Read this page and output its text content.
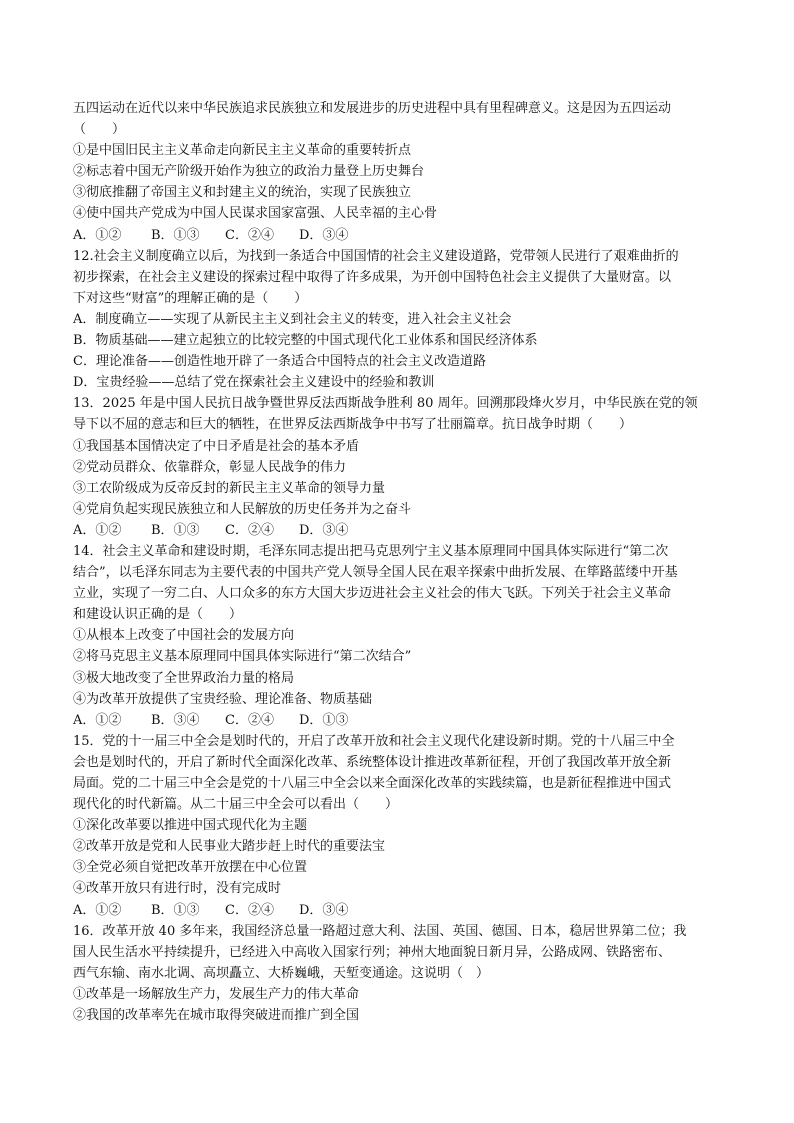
五四运动在近代以来中华民族追求民族独立和发展进步的历史进程中具有里程碑意义。这是因为五四运动
（　　）
①是中国旧民主主义革命走向新民主主义革命的重要转折点
②标志着中国无产阶级开始作为独立的政治力量登上历史舞台
③彻底推翻了帝国主义和封建主义的统治，实现了民族独立
④使中国共产党成为中国人民谋求国家富强、人民幸福的主心骨
A．①② B．①③ C．②④ D．③④
12.社会主义制度确立以后，为找到一条适合中国国情的社会主义建设道路，党带领人民进行了艰难曲折的
初步探索，在社会主义建设的探索过程中取得了许多成果，为开创中国特色社会主义提供了大量财富。以
下对这些“财富”的理解正确的是（　　）
A．制度确立——实现了从新民主主义到社会主义的转变，进入社会主义社会
B．物质基础——建立起独立的比较完整的中国式现代化工业体系和国民经济体系
C．理论准备——创造性地开辟了一条适合中国特点的社会主义改造道路
D．宝贵经验——总结了党在探索社会主义建设中的经验和教训
13．2025 年是中国人民抗日战争暨世界反法西斯战争胜利 80 周年。回溯那段烽火岁月，中华民族在党的领
导下以不屈的意志和巨大的牺牲，在世界反法西斯战争中书写了壮丽篇章。抗日战争时期（　　）
①我国基本国情决定了中日矛盾是社会的基本矛盾
②党动员群众、依靠群众，彰显人民战争的伟力
③工农阶级成为反帝反封的新民主主义革命的领导力量
④党肩负起实现民族独立和人民解放的历史任务并为之奋斗
A．①② B．①③ C．②④ D．③④
14．社会主义革命和建设时期，毛泽东同志提出把马克思列宁主义基本原理同中国具体实际进行“第二次
结合”，以毛泽东同志为主要代表的中国共产党人领导全国人民在艰辛探索中曲折发展、在筚路蓝缕中开基
立业，实现了一穷二白、人口众多的东方大国大步迈进社会主义社会的伟大飞跃。下列关于社会主义革命
和建设认识正确的是（　　）
①从根本上改变了中国社会的发展方向
②将马克思主义基本原理同中国具体实际进行“第二次结合”
③极大地改变了全世界政治力量的格局
④为改革开放提供了宝贵经验、理论准备、物质基础
A．①② B．③④ C．②④ D．①③
15．党的十一届三中全会是划时代的，开启了改革开放和社会主义现代化建设新时期。党的十八届三中全
会也是划时代的，开启了新时代全面深化改革、系统整体设计推进改革新征程，开创了我国改革开放全新
局面。党的二十届三中全会是党的十八届三中全会以来全面深化改革的实践续篇，也是新征程推进中国式
现代化的时代新篇。从二十届三中全会可以看出（　　）
①深化改革要以推进中国式现代化为主题
②改革开放是党和人民事业大踏步赶上时代的重要法宝
③全党必须自觉把改革开放摆在中心位置
④改革开放只有进行时，没有完成时
A．①② B．①③ C．②④ D．③④
16．改革开放 40 多年来，我国经济总量一路超过意大利、法国、英国、德国、日本，稳居世界第二位；我
国人民生活水平持续提升，已经进入中高收入国家行列；神州大地面貌日新月异，公路成网、铁路密布、
西气东输、南水北调、高坝矗立、大桥巍峨，天堑变通途。这说明（　）
①改革是一场解放生产力，发展生产力的伟大革命
②我国的改革率先在城市取得突破进而推广到全国
